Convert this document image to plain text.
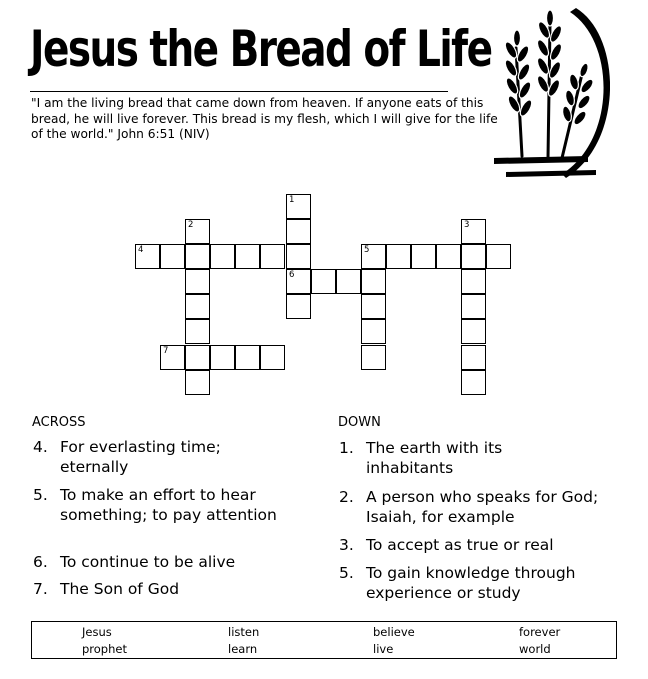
Jesus the Bread of Life

"I am the living bread that came down from heaven. If anyone eats of this bread, he will live forever. This bread is my flesh, which I will give for the life of the world." John 6:51 (NIV)

1
2	3
4	5
6
7
ACROSS
4. For everlasting time; eternally
5. To make an effort to hear something; to pay attention
6. To continue to be alive
7. The Son of God
DOWN
1. The earth with its inhabitants
2. A person who speaks for God; Isaiah, for example
3. To accept as true or real
5. To gain knowledge through experience or study
Jesus	listen	believe	forever
prophet	learn	live	world
